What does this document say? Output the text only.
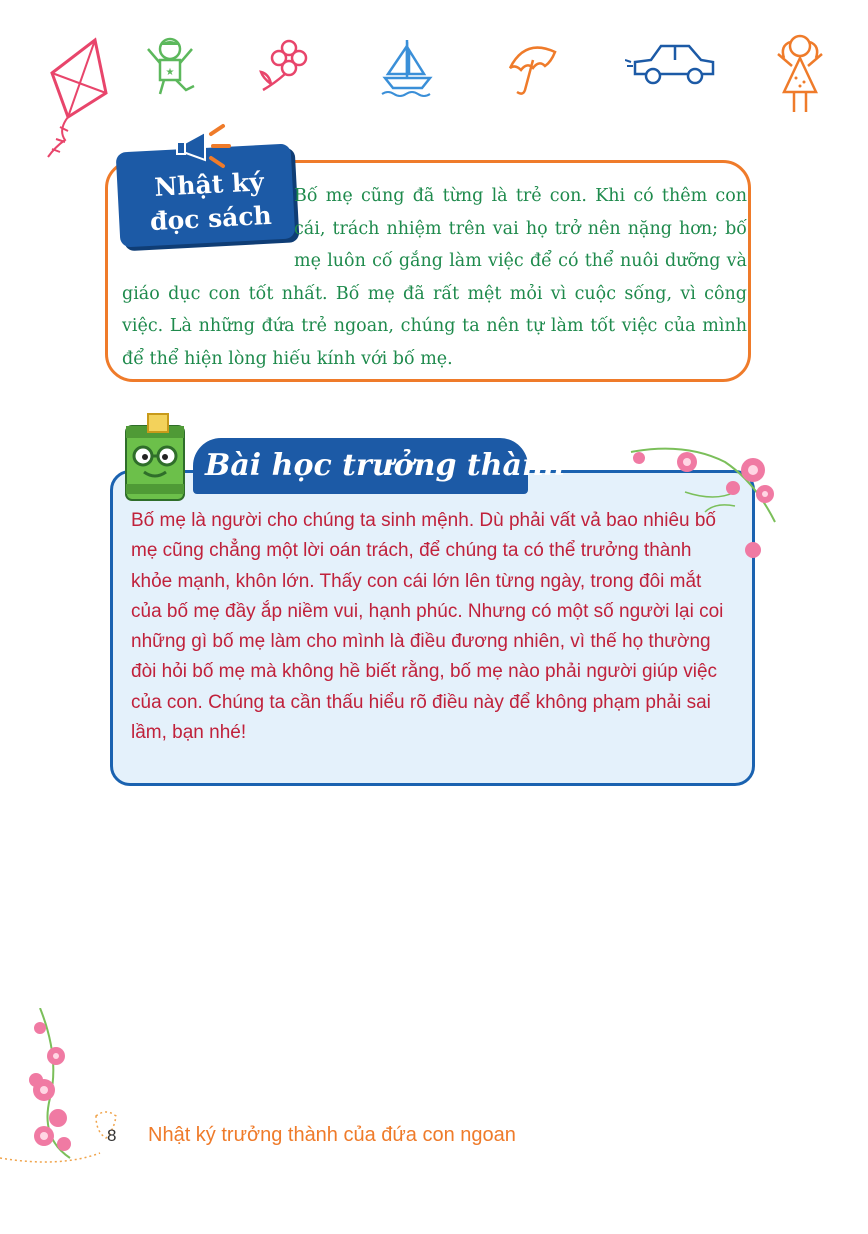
★
Nhật ký
đọc sách

Bố mẹ cũng đã từng là trẻ con. Khi có thêm con cái, trách nhiệm trên vai họ trở nên nặng hơn; bố mẹ luôn cố gắng làm việc để có thể nuôi dưỡng và giáo dục con tốt nhất. Bố mẹ đã rất mệt mỏi vì cuộc sống, vì công việc. Là những đứa trẻ ngoan, chúng ta nên tự làm tốt việc của mình để thể hiện lòng hiếu kính với bố mẹ.

Bài học trưởng thành

Bố mẹ là người cho chúng ta sinh mệnh. Dù phải vất vả bao nhiêu bố mẹ cũng chẳng một lời oán trách, để chúng ta có thể trưởng thành khỏe mạnh, khôn lớn. Thấy con cái lớn lên từng ngày, trong đôi mắt của bố mẹ đầy ắp niềm vui, hạnh phúc. Nhưng có một số người lại coi những gì bố mẹ làm cho mình là điều đương nhiên, vì thế họ thường đòi hỏi bố mẹ mà không hề biết rằng, bố mẹ nào phải người giúp việc của con. Chúng ta cần thấu hiểu rõ điều này để không phạm phải sai lầm, bạn nhé!

8 Nhật ký trưởng thành của đứa con ngoan
